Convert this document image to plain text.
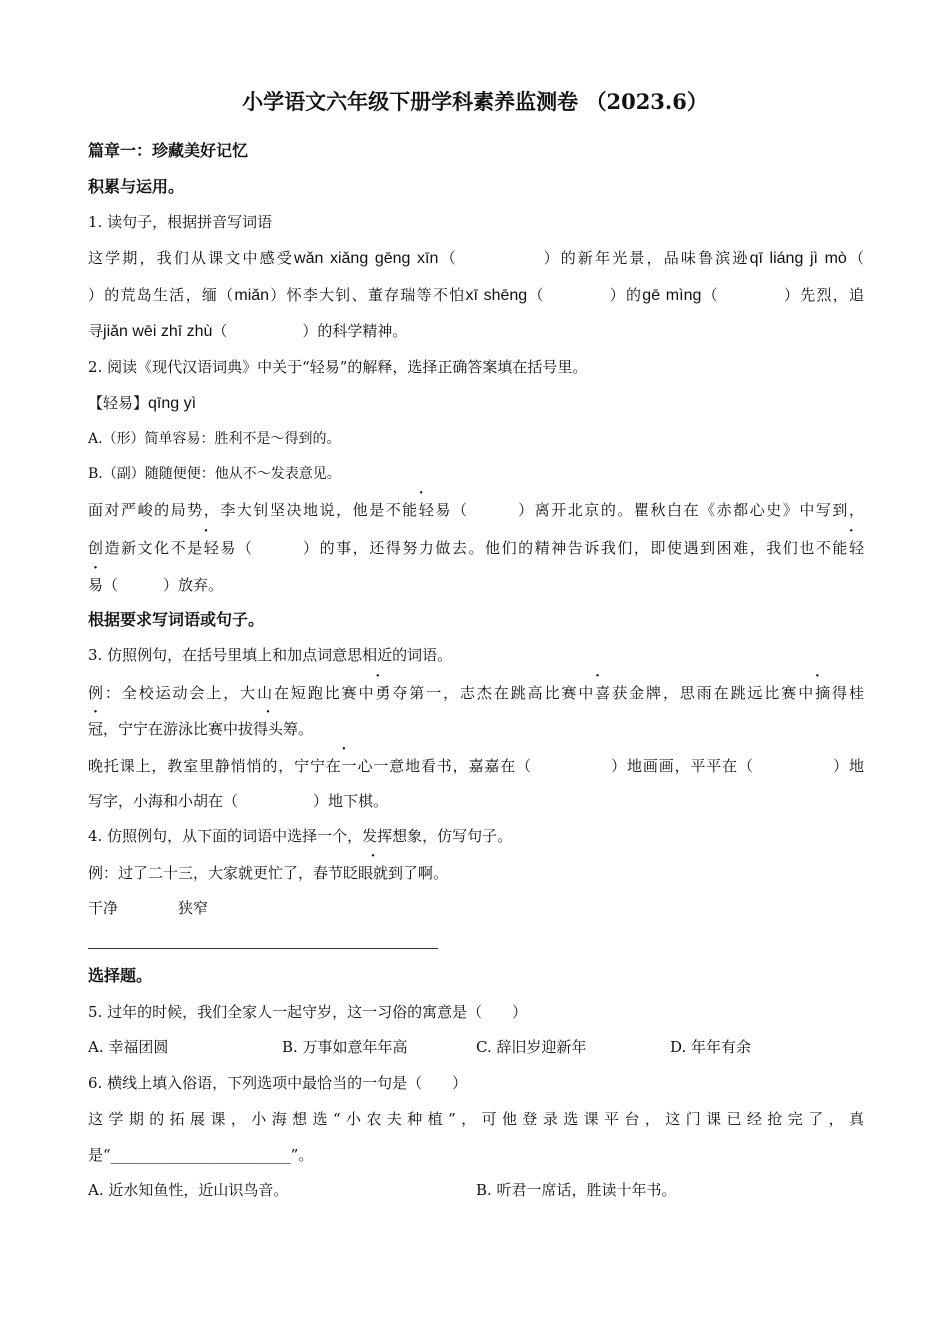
小学语文六年级下册学科素养监测卷 （2023.6）
篇章一：珍藏美好记忆
积累与运用。
1. 读句子，根据拼音写词语
这学期，我们从课文中感受wǎn xiǎng gēng xīn（　　　　　）的新年光景，品味鲁滨逊qī liáng jì mò（
）的荒岛生活，缅（miǎn）怀李大钊、董存瑞等不怕xī shēng（　　　　）的gē mìng（　　　　）先烈，追
寻jiǎn wēi zhī zhù（　　　　　）的科学精神。
2. 阅读《现代汉语词典》中关于“轻易”的解释，选择正确答案填在括号里。
【轻易】qīng yì
A.（形）简单容易：胜利不是～得到的。
B.（副）随随便便：他从不～发表意见。
面对严峻的局势，李大钊坚决地说，他是不能轻易（　　　）离开北京的。瞿秋白在《赤都心史》中写到，
创造新文化不是轻易（　　　）的事，还得努力做去。他们的精神告诉我们，即使遇到困难，我们也不能轻
易（　　　）放弃。
根据要求写词语或句子。
3. 仿照例句，在括号里填上和加点词意思相近的词语。
例：全校运动会上，大山在短跑比赛中勇夺第一，志杰在跳高比赛中喜获金牌，思雨在跳远比赛中摘得桂
冠，宁宁在游泳比赛中拔得头筹。
晚托课上，教室里静悄悄的，宁宁在一心一意地看书，嘉嘉在（　　　　　）地画画，平平在（　　　　　）地
写字，小海和小胡在（　　　　　）地下棋。
4. 仿照例句，从下面的词语中选择一个，发挥想象，仿写句子。
例：过了二十三，大家就更忙了，春节眨眼就到了啊。
干净	狭窄
选择题。
5. 过年的时候，我们全家人一起守岁，这一习俗的寓意是（　　）
A. 幸福团圆	B. 万事如意年年高	C. 辞旧岁迎新年	D. 年年有余
6. 横线上填入俗语，下列选项中最恰当的一句是（　　）
这学期的拓展课，小海想选“小农夫种植”，可他登录选课平台，这门课已经抢完了，真
是“________________________”。
A. 近水知鱼性，近山识鸟音。	B. 听君一席话，胜读十年书。
